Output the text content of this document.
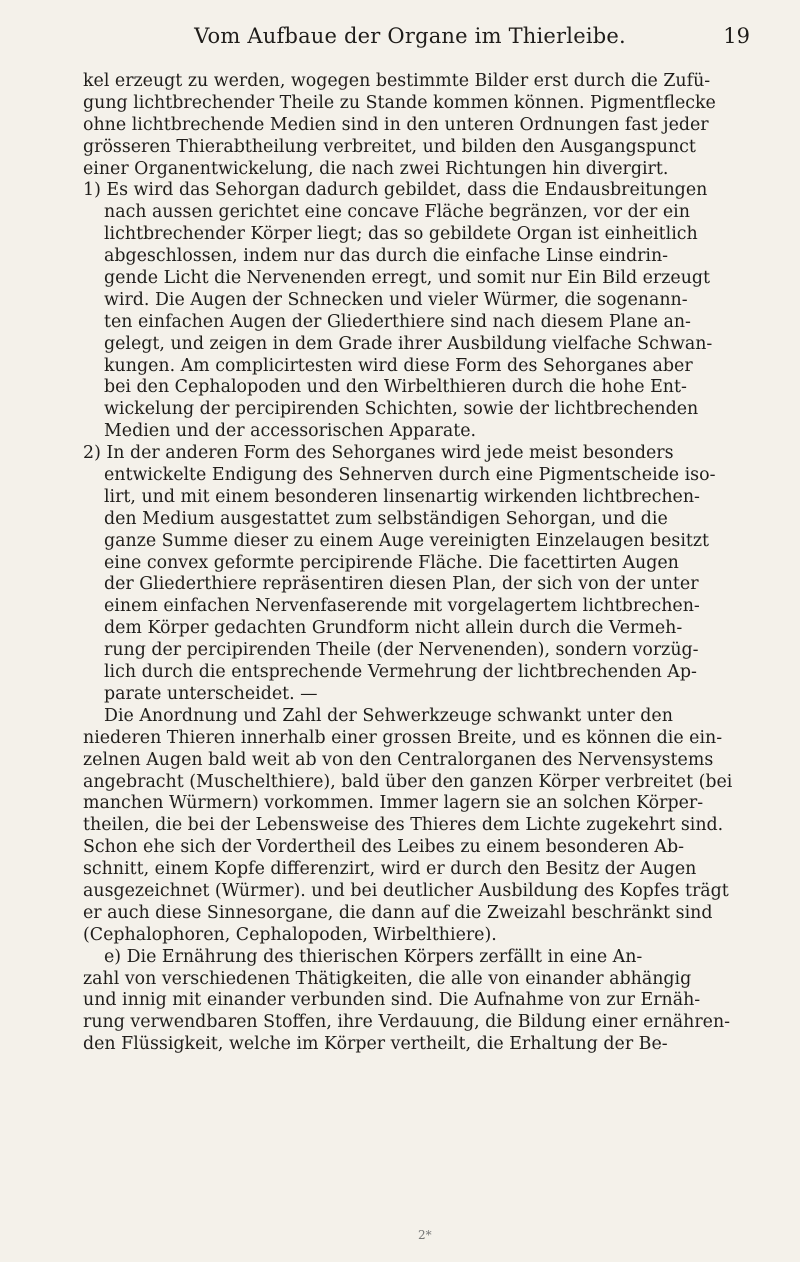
Vom Aufbaue der Organe im Thierleibe.	19
kel erzeugt zu werden, wogegen bestimmte Bilder erst durch die Zufü-
gung lichtbrechender Theile zu Stande kommen können. Pigmentflecke
ohne lichtbrechende Medien sind in den unteren Ordnungen fast jeder
grösseren Thierabtheilung verbreitet, und bilden den Ausgangspunct
einer Organentwickelung, die nach zwei Richtungen hin divergirt.
1) Es wird das Sehorgan dadurch gebildet, dass die Endausbreitungen
nach aussen gerichtet eine concave Fläche begränzen, vor der ein
lichtbrechender Körper liegt; das so gebildete Organ ist einheitlich
abgeschlossen, indem nur das durch die einfache Linse eindrin-
gende Licht die Nervenenden erregt, und somit nur Ein Bild erzeugt
wird. Die Augen der Schnecken und vieler Würmer, die sogenann-
ten einfachen Augen der Gliederthiere sind nach diesem Plane an-
gelegt, und zeigen in dem Grade ihrer Ausbildung vielfache Schwan-
kungen. Am complicirtesten wird diese Form des Sehorganes aber
bei den Cephalopoden und den Wirbelthieren durch die hohe Ent-
wickelung der percipirenden Schichten, sowie der lichtbrechenden
Medien und der accessorischen Apparate.
2) In der anderen Form des Sehorganes wird jede meist besonders
entwickelte Endigung des Sehnerven durch eine Pigmentscheide iso-
lirt, und mit einem besonderen linsenartig wirkenden lichtbrechen-
den Medium ausgestattet zum selbständigen Sehorgan, und die
ganze Summe dieser zu einem Auge vereinigten Einzelaugen besitzt
eine convex geformte percipirende Fläche. Die facettirten Augen
der Gliederthiere repräsentiren diesen Plan, der sich von der unter
einem einfachen Nervenfaserende mit vorgelagertem lichtbrechen-
dem Körper gedachten Grundform nicht allein durch die Vermeh-
rung der percipirenden Theile (der Nervenenden), sondern vorzüg-
lich durch die entsprechende Vermehrung der lichtbrechenden Ap-
parate unterscheidet. —
Die Anordnung und Zahl der Sehwerkzeuge schwankt unter den
niederen Thieren innerhalb einer grossen Breite, und es können die ein-
zelnen Augen bald weit ab von den Centralorganen des Nervensystems
angebracht (Muschelthiere), bald über den ganzen Körper verbreitet (bei
manchen Würmern) vorkommen. Immer lagern sie an solchen Körper-
theilen, die bei der Lebensweise des Thieres dem Lichte zugekehrt sind.
Schon ehe sich der Vordertheil des Leibes zu einem besonderen Ab-
schnitt, einem Kopfe differenzirt, wird er durch den Besitz der Augen
ausgezeichnet (Würmer). und bei deutlicher Ausbildung des Kopfes trägt
er auch diese Sinnesorgane, die dann auf die Zweizahl beschränkt sind
(Cephalophoren, Cephalopoden, Wirbelthiere).
e) Die Ernährung des thierischen Körpers zerfällt in eine An-
zahl von verschiedenen Thätigkeiten, die alle von einander abhängig
und innig mit einander verbunden sind. Die Aufnahme von zur Ernäh-
rung verwendbaren Stoffen, ihre Verdauung, die Bildung einer ernähren-
den Flüssigkeit, welche im Körper vertheilt, die Erhaltung der Be-
2*
